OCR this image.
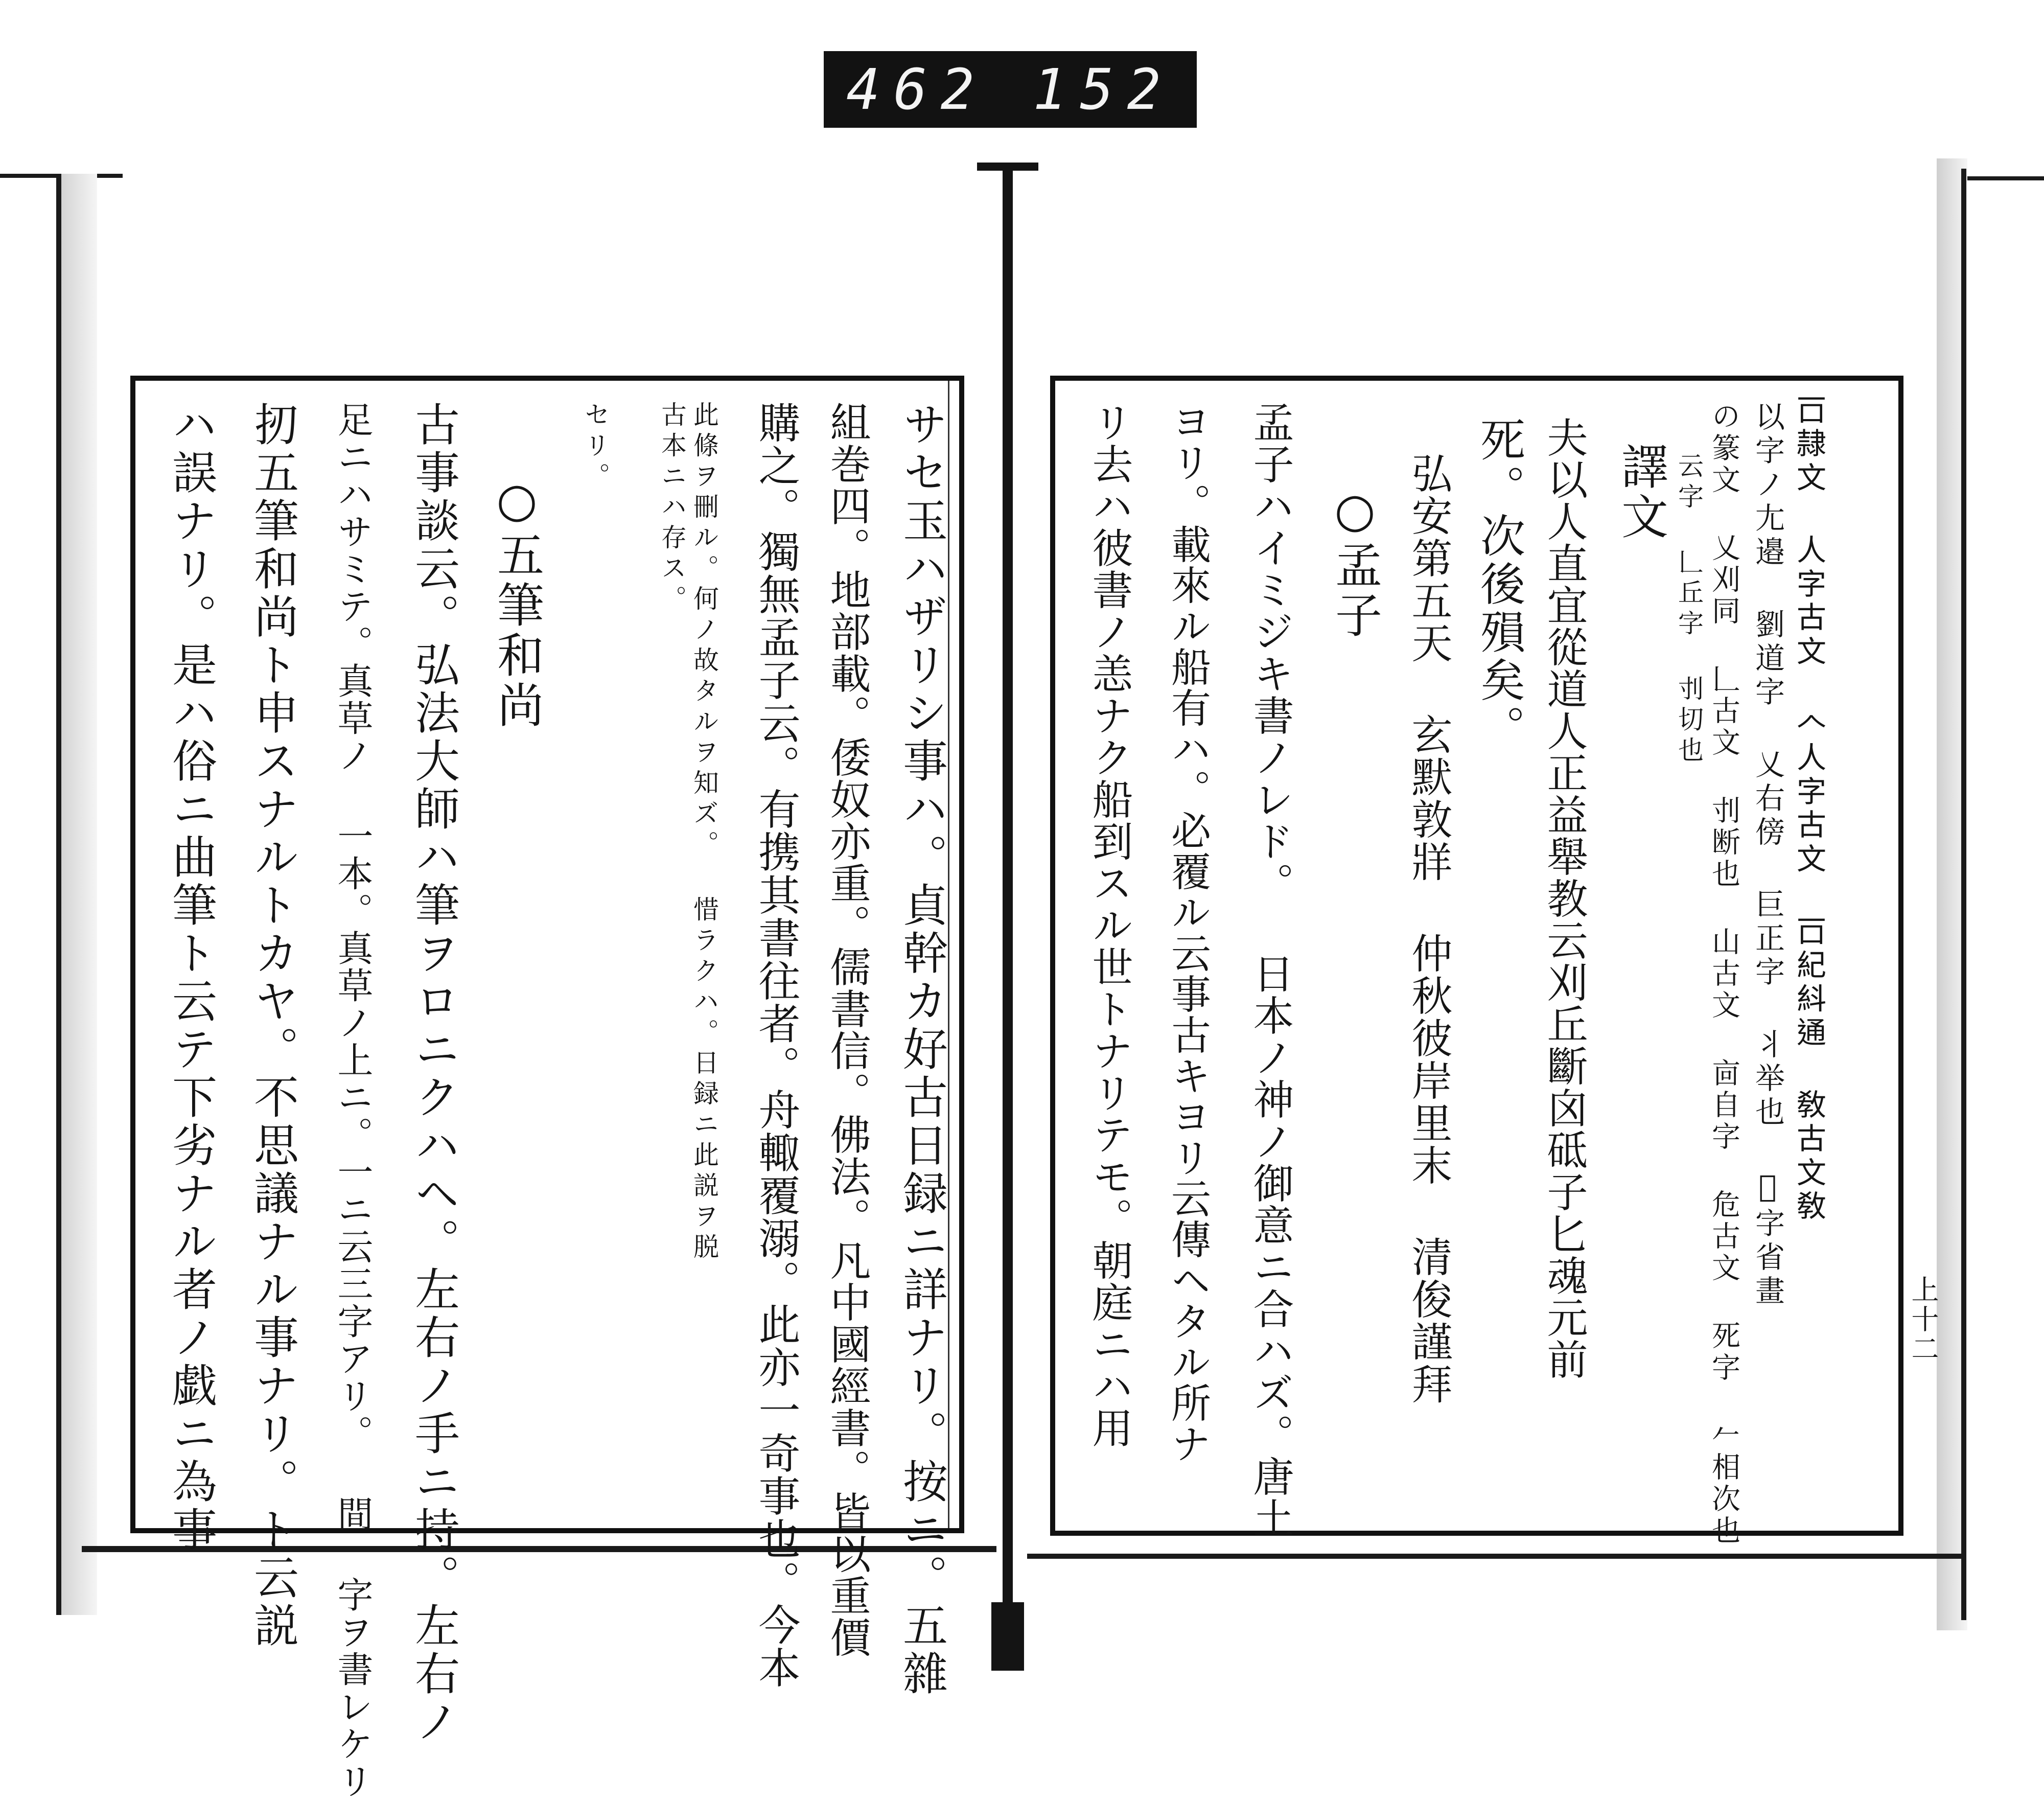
462 152
サセ玉ハザリシ事ハ。貞幹カ好古日録ニ詳ナリ。按ニ。五雜
組巻四。地部載。倭奴亦重。儒書信。佛法。凡中國經書。皆以重價
購之。獨無孟子云。有携其書往者。舟輙覆溺。此亦一奇事也。今本
此條ヲ刪ル。何ノ故タルヲ知ズ。 惜ラクハ。日録ニ此説ヲ脱
古本ニハ存ス。
セリ。
○五筆和尚
古事談云。弘法大師ハ筆ヲロニクハヘ。左右ノ手ニ持。左右ノ
足ニハサミテ。真草ノ 一本。真草ノ上ニ。一ニ云三字アリ。 間 字ヲ書レケリ
扨五筆和尚ト申スナルトカヤ。不思議ナル事ナリ。ト云説
ハ誤ナリ。是ハ俗ニ曲筆ト云テ下劣ナル者ノ戯ニ為事	𠮛隷文 人字古文 𠆢人字古文 𠮛紀紏通 敎古文敎
以字ノ尢邉 劉道字 乂右傍 巨正字 丬举也 𡧊字省畫
の篆文 乂刈同 𠃊古文 刌断也 山古文 㐭自字 危古文 死字 𠂉相次也
云字 𠃊丘字 刌切也
譯文
夫以人直宜從道人正益舉教云刈丘斷囟砥子匕魂元前
死。次後殞矣。
弘安第五天 玄默敦牂 仲秋彼岸里末 清俊謹拜
○孟子
孟子ハイミジキ書ノレド。 日本ノ神ノ御意ニ合ハズ。唐土
ヨリ。載來ル船有ハ。必覆ル云事古キヨリ云傳ヘタル所ナ
リ去ハ彼書ノ恙ナク船到スル世トナリテモ。朝庭ニハ用	上十二
